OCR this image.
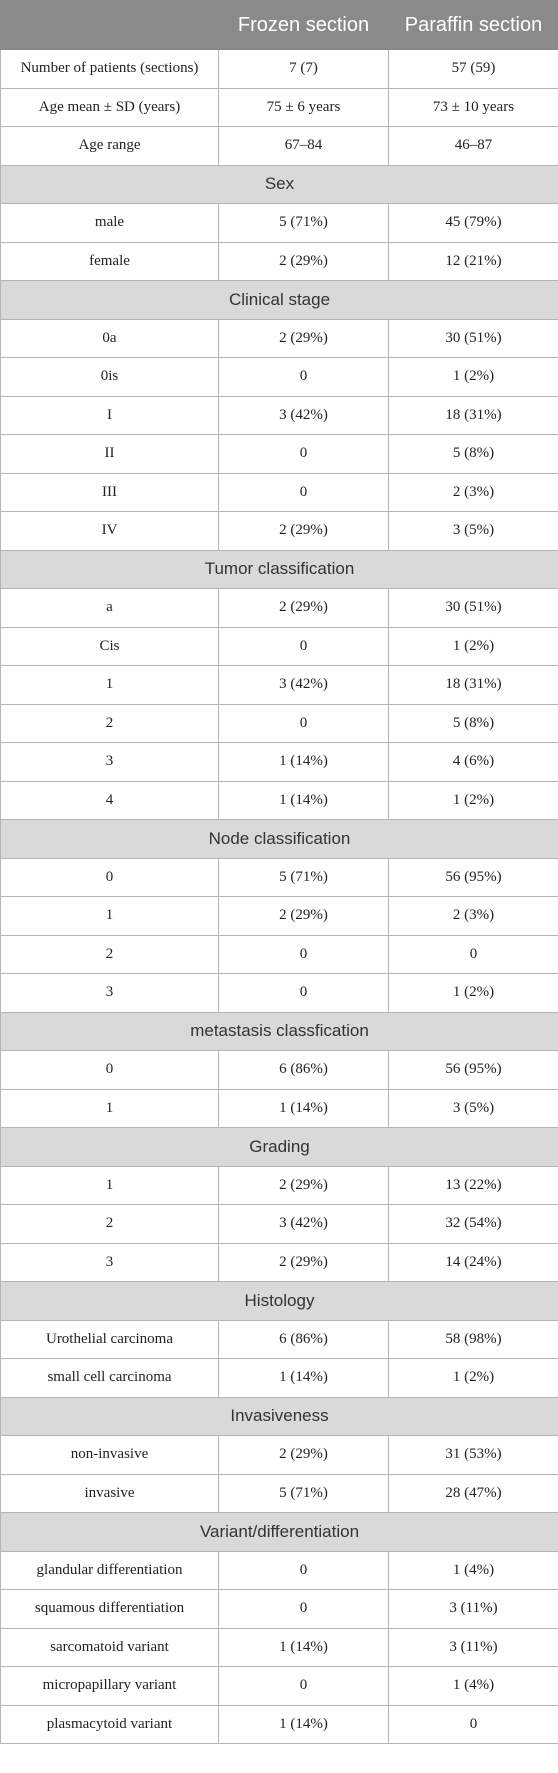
	Frozen section	Paraffin section
Number of patients (sections)	7 (7)	57 (59)
Age mean ± SD (years)	75 ± 6 years	73 ± 10 years
Age range	67–84	46–87
Sex		
male	5 (71%)	45 (79%)
female	2 (29%)	12 (21%)
Clinical stage		
0a	2 (29%)	30 (51%)
0is	0	1 (2%)
I	3 (42%)	18 (31%)
II	0	5 (8%)
III	0	2 (3%)
IV	2 (29%)	3 (5%)
Tumor classification		
a	2 (29%)	30 (51%)
Cis	0	1 (2%)
1	3 (42%)	18 (31%)
2	0	5 (8%)
3	1 (14%)	4 (6%)
4	1 (14%)	1 (2%)
Node classification		
0	5 (71%)	56 (95%)
1	2 (29%)	2 (3%)
2	0	0
3	0	1 (2%)
metastasis classfication		
0	6 (86%)	56 (95%)
1	1 (14%)	3 (5%)
Grading		
1	2 (29%)	13 (22%)
2	3 (42%)	32 (54%)
3	2 (29%)	14 (24%)
Histology		
Urothelial carcinoma	6 (86%)	58 (98%)
small cell carcinoma	1 (14%)	1 (2%)
Invasiveness		
non-invasive	2 (29%)	31 (53%)
invasive	5 (71%)	28 (47%)
Variant/differentiation		
glandular differentiation	0	1 (4%)
squamous differentiation	0	3 (11%)
sarcomatoid variant	1 (14%)	3 (11%)
micropapillary variant	0	1 (4%)
plasmacytoid variant	1 (14%)	0
